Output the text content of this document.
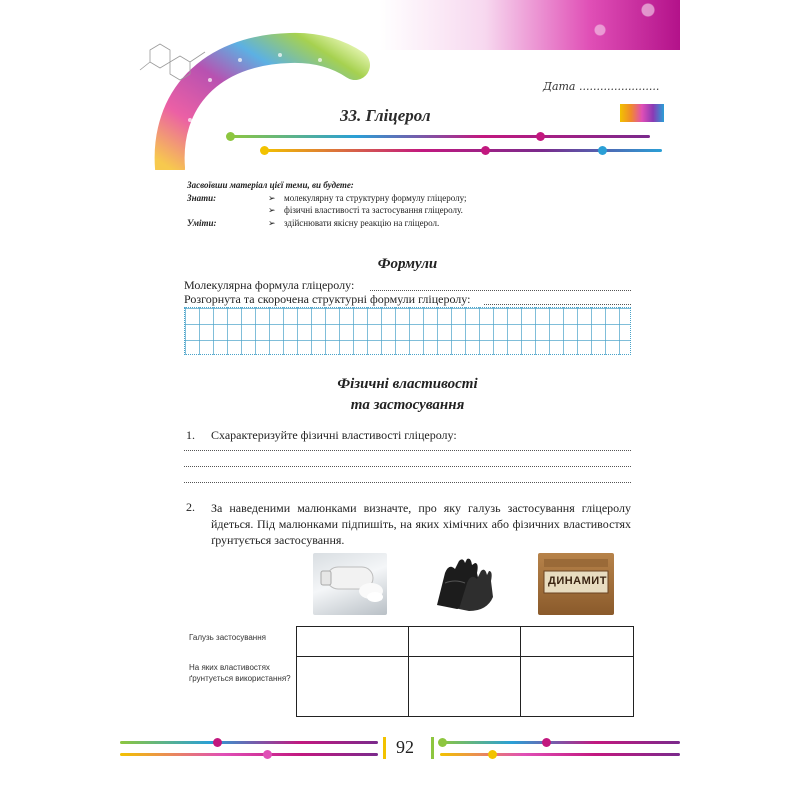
Дата .......................
33. Гліцерол
Засвоївши матеріал цієї теми, ви будете:
Знати:	➢ молекулярну та структурну формулу гліцеролу;
➢ фізичні властивості та застосування гліцеролу.
Уміти:	➢ здійснювати якісну реакцію на гліцерол.
Формули
Молекулярна формула гліцеролу:
Розгорнута та скорочена структурні формули гліцеролу:
Фізичні властивості
та застосування
1. Схарактеризуйте фізичні властивості гліцеролу:
2. За наведеними малюнками визначте, про яку галузь застосування гліцеролу йдеться. Під малюнками підпишіть, на яких хімічних або фізичних властивостях ґрунтується застосування.
ДИНАМИТ
Галузь застосування
На яких властивостях ґрунтується використання?

92
